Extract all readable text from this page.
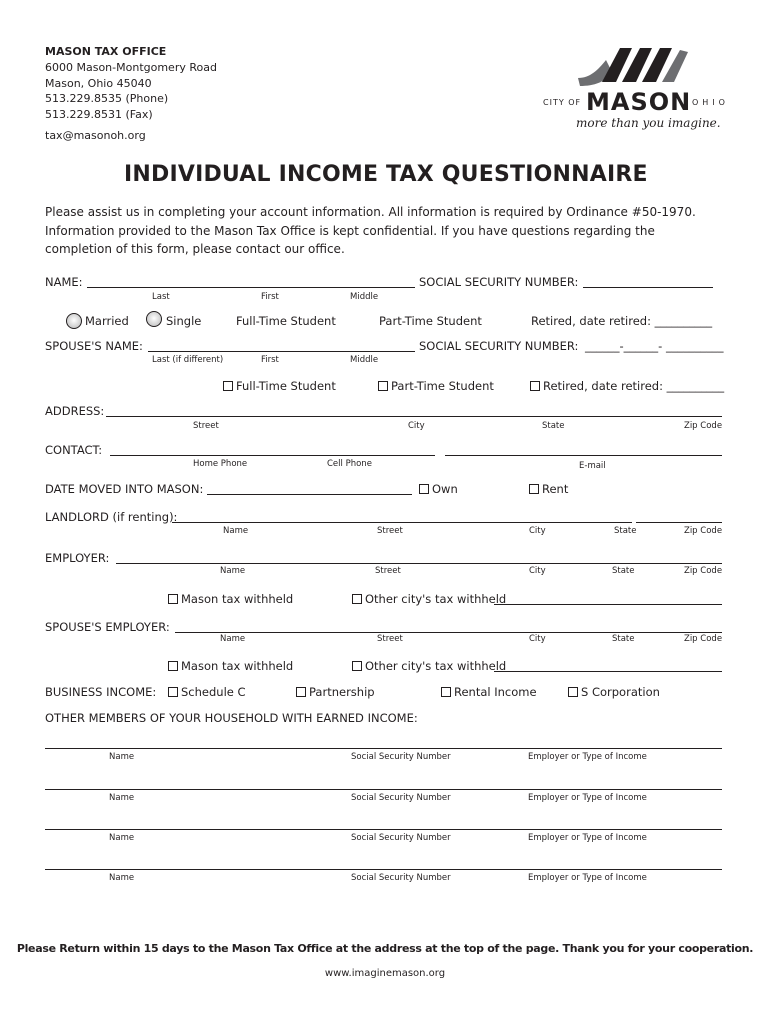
MASON TAX OFFICE
6000 Mason-Montgomery Road
Mason, Ohio 45040
513.229.8535 (Phone)
513.229.8531 (Fax)
tax@masonoh.org
CITY OF MASON OHIO
more than you imagine.
INDIVIDUAL INCOME TAX QUESTIONNAIRE
Please assist us in completing your account information. All information is required by Ordinance #50-1970. Information provided to the Mason Tax Office is kept confidential. If you have questions regarding the completion of this form, please contact our office.
NAME:	SOCIAL SECURITY NUMBER:
Last	First	Middle
Married	Single	Full-Time Student	Part-Time Student	Retired, date retired: __________
SPOUSE'S NAME:	SOCIAL SECURITY NUMBER: ______-______- __________
Last (if different)	First	Middle
Full-Time Student	Part-Time Student	Retired, date retired: __________
ADDRESS:
Street	City	State	Zip Code
CONTACT:
Home Phone	Cell Phone	E-mail
DATE MOVED INTO MASON:	Own	Rent
LANDLORD (if renting):
Name	Street	City	State	Zip Code
EMPLOYER:
Name	Street	City	State	Zip Code
Mason tax withheld	Other city's tax withheld
SPOUSE'S EMPLOYER:
Name	Street	City	State	Zip Code
Mason tax withheld	Other city's tax withheld
BUSINESS INCOME:	Schedule C	Partnership	Rental Income	S Corporation
OTHER MEMBERS OF YOUR HOUSEHOLD WITH EARNED INCOME:
Name	Social Security Number	Employer or Type of Income
Name	Social Security Number	Employer or Type of Income
Name	Social Security Number	Employer or Type of Income
Name	Social Security Number	Employer or Type of Income
Please Return within 15 days to the Mason Tax Office at the address at the top of the page. Thank you for your cooperation.
www.imaginemason.org
